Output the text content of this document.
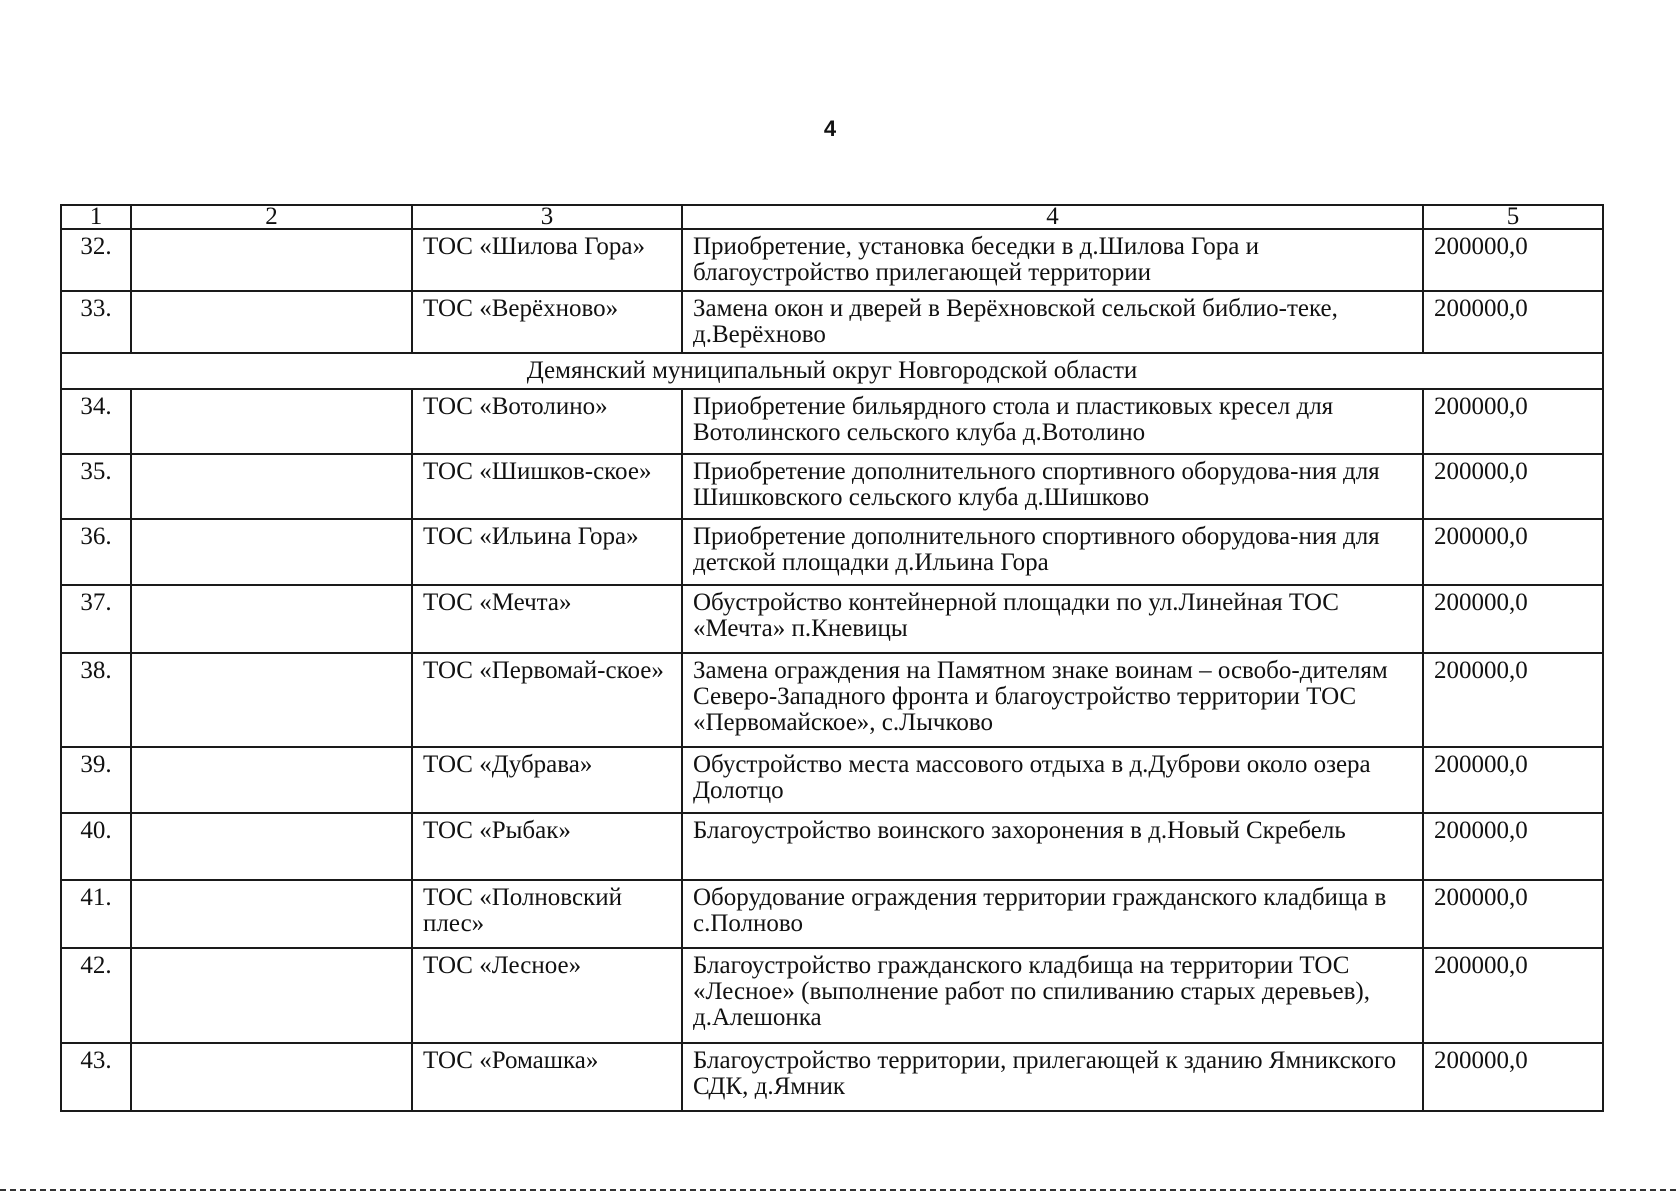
4
1	2	3	4	5
32.		ТОС «Шилова Гора»	Приобретение, установка беседки в д.Шилова Гора и благоустройство прилегающей территории	200000,0
33.		ТОС «Верёхново»	Замена окон и дверей в Верёхновской сельской библио-теке, д.Верёхново	200000,0
Демянский муниципальный округ Новгородской области				
34.		ТОС «Вотолино»	Приобретение бильярдного стола и пластиковых кресел для Вотолинского сельского клуба д.Вотолино	200000,0
35.		ТОС «Шишков-ское»	Приобретение дополнительного спортивного оборудова-ния для Шишковского сельского клуба д.Шишково	200000,0
36.		ТОС «Ильина Гора»	Приобретение дополнительного спортивного оборудова-ния для детской площадки д.Ильина Гора	200000,0
37.		ТОС «Мечта»	Обустройство контейнерной площадки по ул.Линейная ТОС «Мечта» п.Кневицы	200000,0
38.		ТОС «Первомай-ское»	Замена ограждения на Памятном знаке воинам – освобо-дителям Северо-Западного фронта и благоустройство территории ТОС «Первомайское», с.Лычково	200000,0
39.		ТОС «Дубрава»	Обустройство места массового отдыха в д.Дуброви около озера Долотцо	200000,0
40.		ТОС «Рыбак»	Благоустройство воинского захоронения в д.Новый Скребель	200000,0
41.		ТОС «Полновский плес»	Оборудование ограждения территории гражданского кладбища в с.Полново	200000,0
42.		ТОС «Лесное»	Благоустройство гражданского кладбища на территории ТОС «Лесное» (выполнение работ по спиливанию старых деревьев), д.Алешонка	200000,0
43.		ТОС «Ромашка»	Благоустройство территории, прилегающей к зданию Ямникского СДК, д.Ямник	200000,0
